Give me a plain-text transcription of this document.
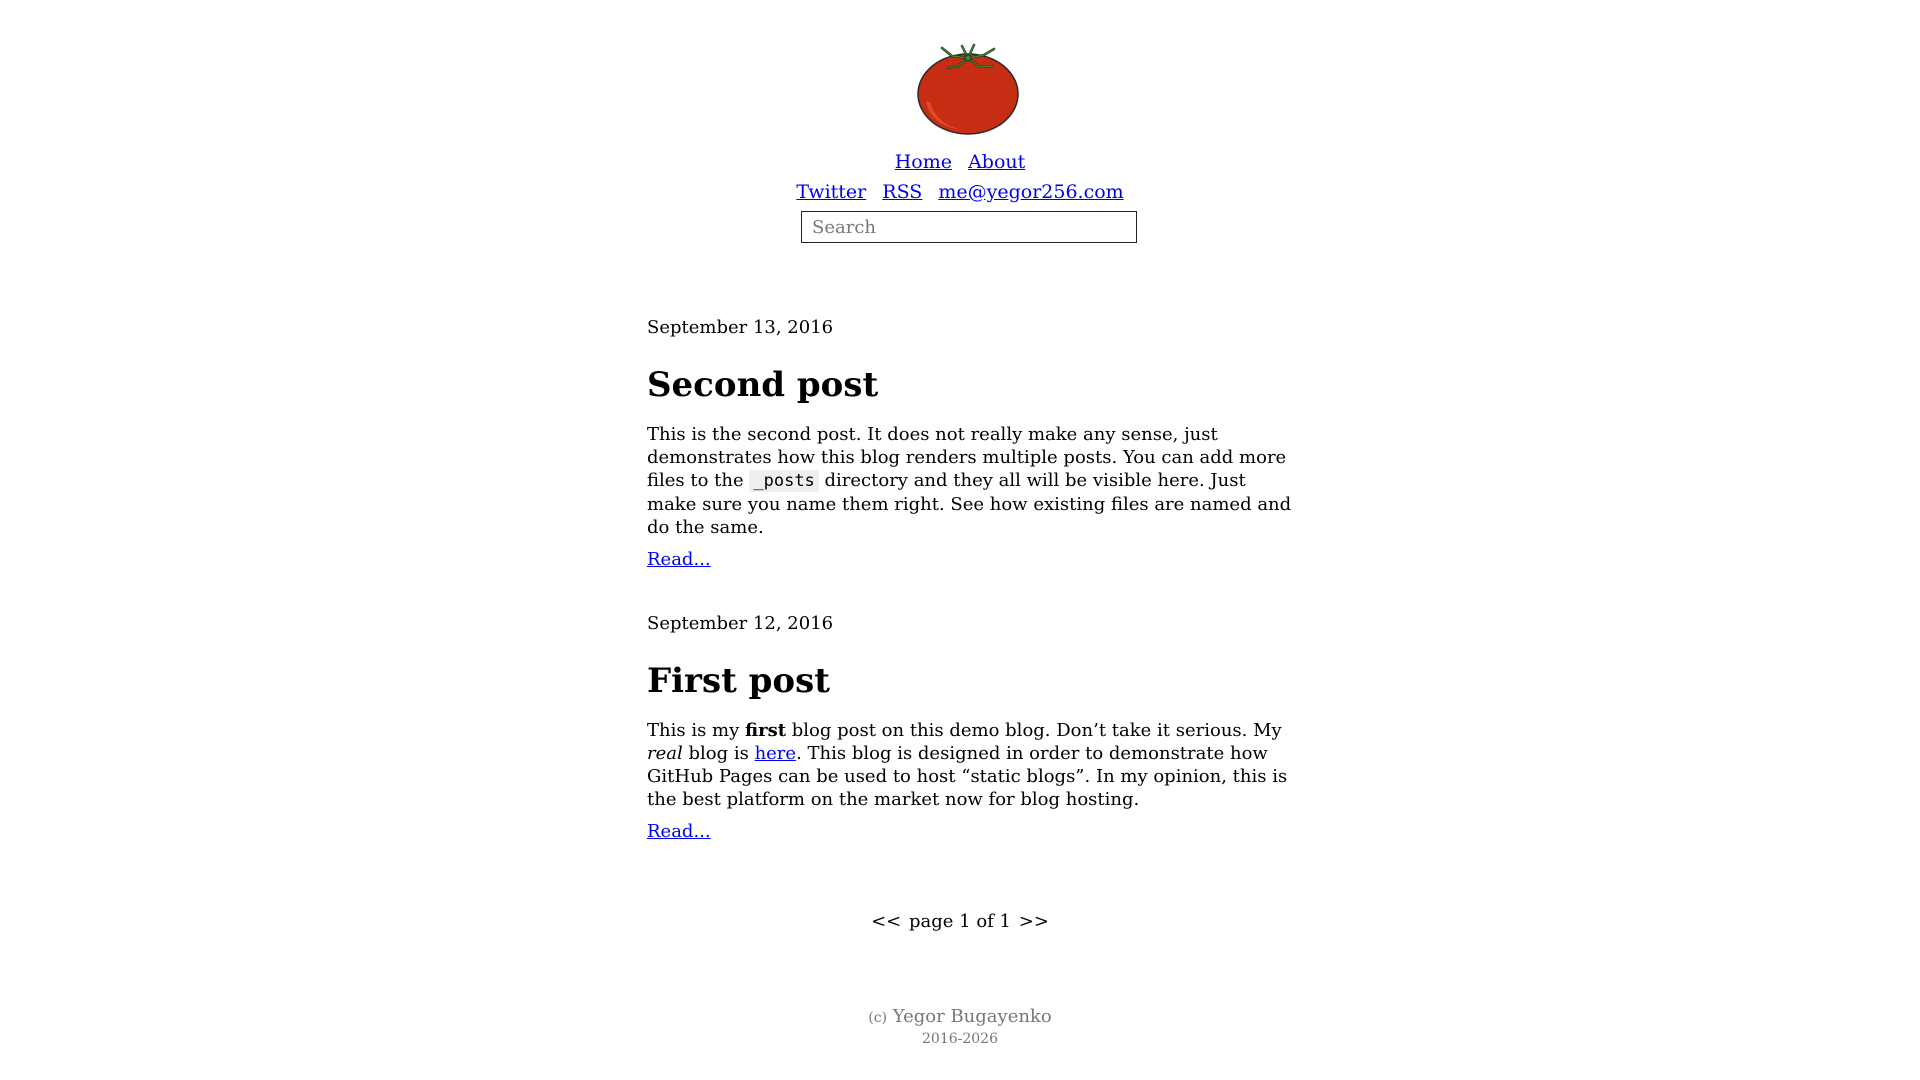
Home About
Twitter RSS me@yegor256.com
Search

September 13, 2016

Second post

This is the second post. It does not really make any sense, just demonstrates how this blog renders multiple posts. You can add more files to the _posts directory and they all will be visible here. Just make sure you name them right. See how existing files are named and do the same.

Read...

September 12, 2016

First post

This is my first blog post on this demo blog. Don’t take it serious. My real blog is here. This blog is designed in order to demonstrate how GitHub Pages can be used to host “static blogs”. In my opinion, this is the best platform on the market now for blog hosting.

Read...
<< page 1 of 1 >>
(c) Yegor Bugayenko
2016-2026
